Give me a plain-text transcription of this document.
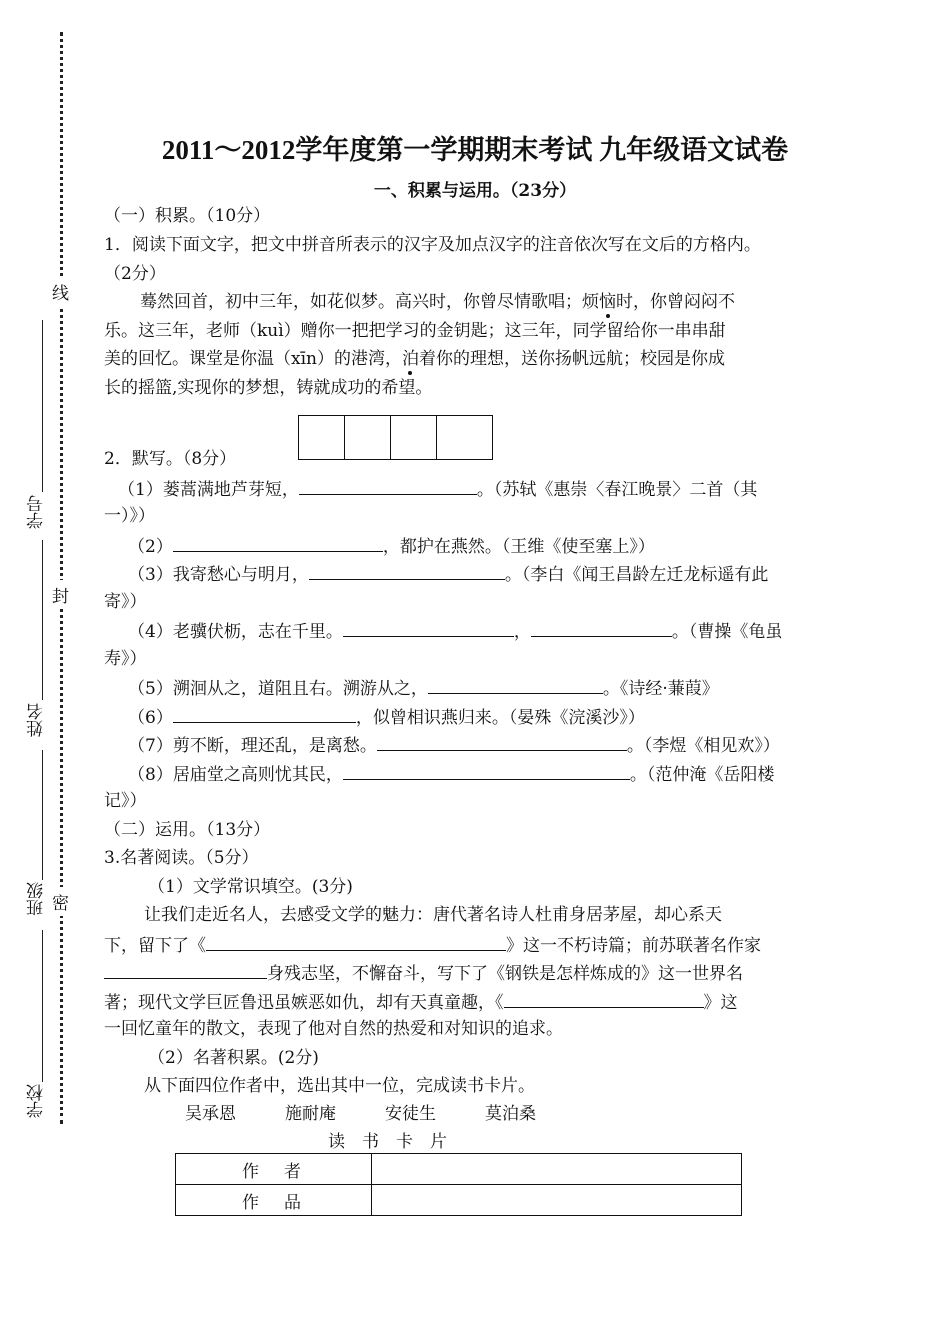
线
封
密
学号
姓名
班级
学校
2011～2012学年度第一学期期末考试 九年级语文试卷
一、积累与运用。（23分）
（一）积累。（10分）
1．阅读下面文字，把文中拼音所表示的汉字及加点汉字的注音依次写在文后的方格内。
（2分）
蓦然回首，初中三年，如花似梦。高兴时，你曾尽情歌唱；烦恼时，你曾闷闷不
乐。这三年，老师（kuì）赠你一把把学习的金钥匙；这三年，同学留给你一串串甜
美的回忆。课堂是你温（xīn）的港湾，泊着你的理想，送你扬帆远航；校园是你成
长的摇篮,实现你的梦想，铸就成功的希望。
2．默写。（8分）
（1）蒌蒿满地芦芽短，	。（苏轼《惠崇〈春江晚景〉二首（其
一）》）
（2）	，都护在燕然。（王维《使至塞上》）
（3）我寄愁心与明月，	。（李白《闻王昌龄左迁龙标遥有此
寄》）
（4）老骥伏枥，志在千里。	，	。（曹操《龟虽
寿》）
（5）溯洄从之，道阻且右。溯游从之，	。《诗经·蒹葭》
（6）	，似曾相识燕归来。（晏殊《浣溪沙》）
（7）剪不断，理还乱，是离愁。	。（李煜《相见欢》）
（8）居庙堂之高则忧其民，	。（范仲淹《岳阳楼
记》）
（二）运用。（13分）
3.名著阅读。（5分）
（1）文学常识填空。(3分)
让我们走近名人，去感受文学的魅力：唐代著名诗人杜甫身居茅屋，却心系天
下，留下了《	》这一不朽诗篇；前苏联著名作家
身残志坚，不懈奋斗，写下了《钢铁是怎样炼成的》这一世界名
著；现代文学巨匠鲁迅虽嫉恶如仇，却有天真童趣，《	》这
一回忆童年的散文，表现了他对自然的热爱和对知识的追求。
（2）名著积累。(2分)
从下面四位作者中，选出其中一位，完成读书卡片。
吴承恩	施耐庵	安徒生	莫泊桑
读　书　卡　片
作　者	
作　品	
